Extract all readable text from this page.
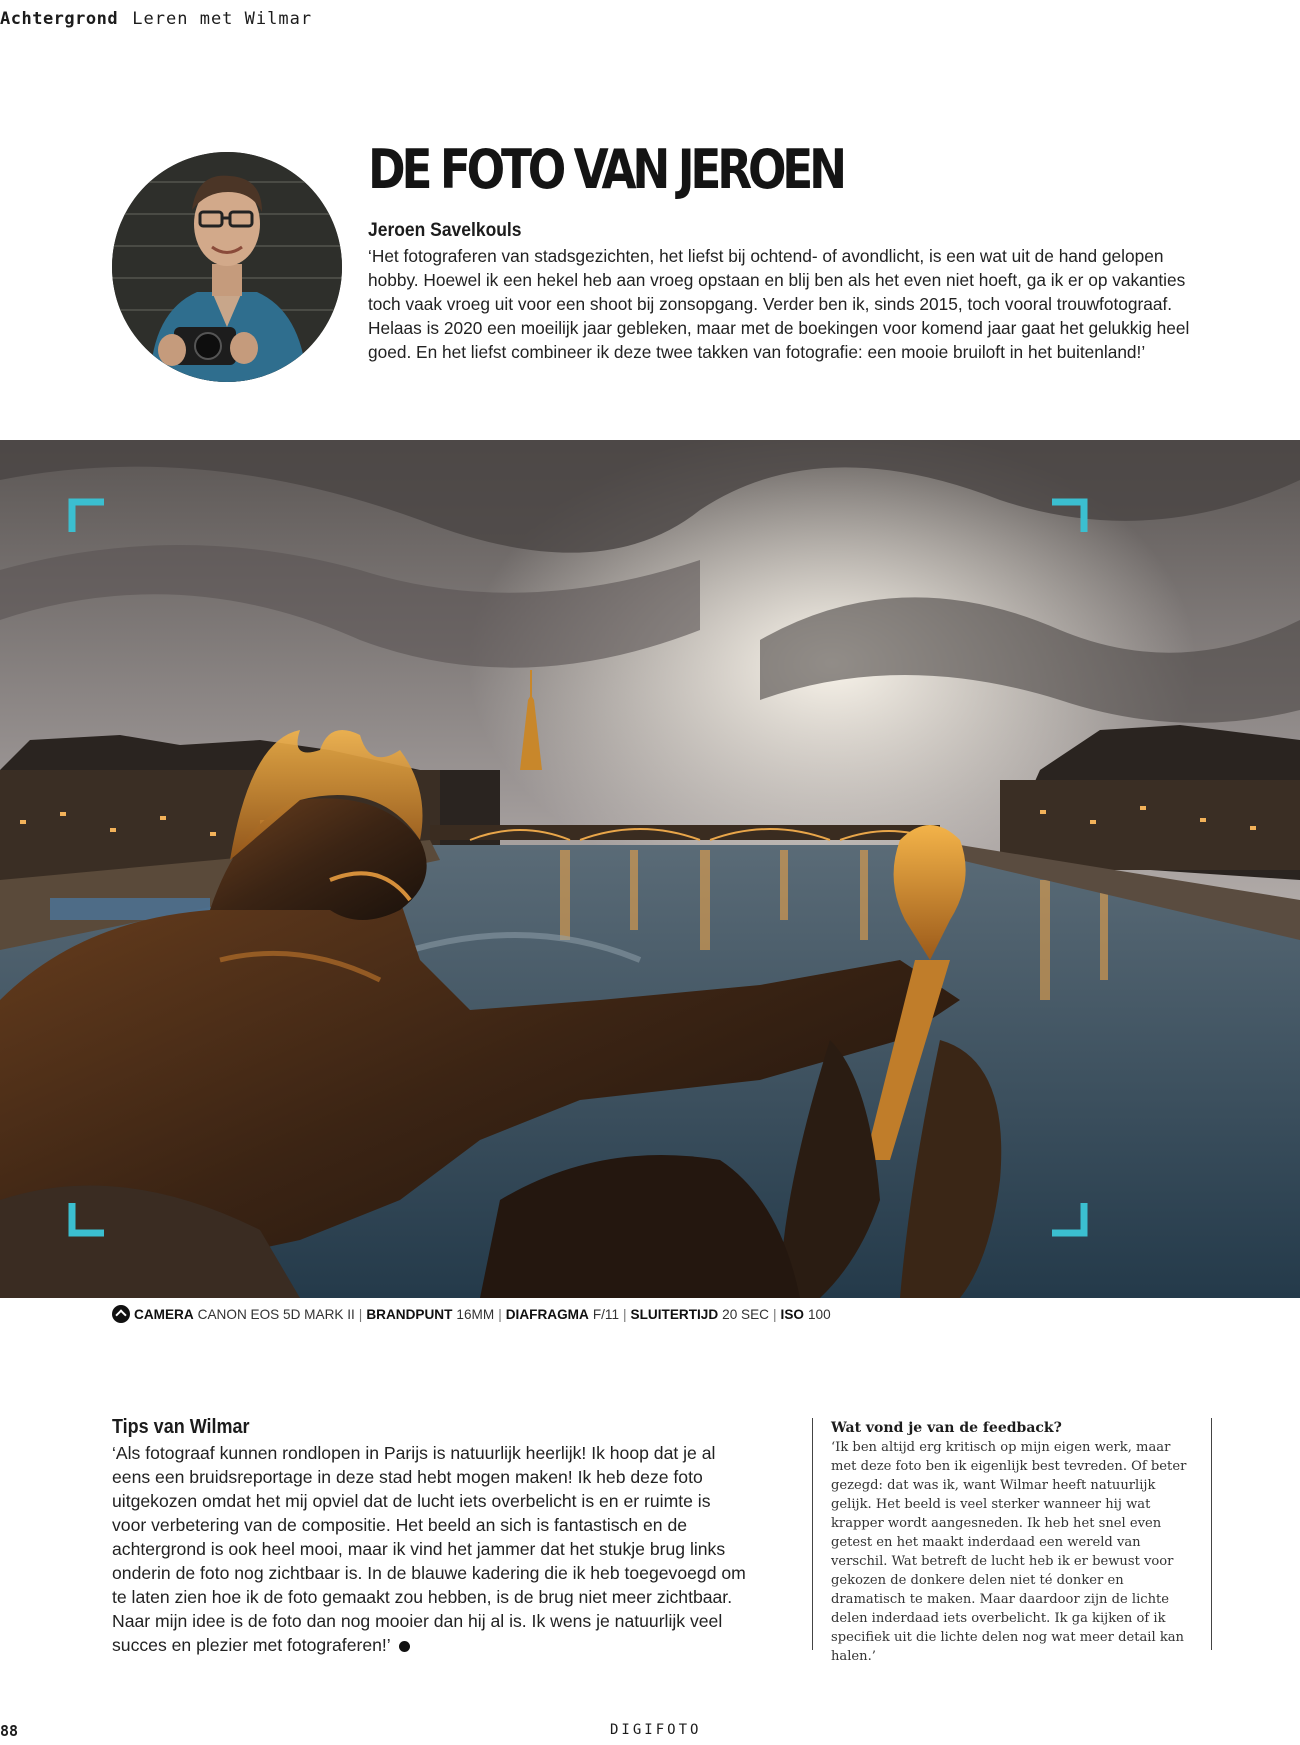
Achtergrond Leren met Wilmar
DE FOTO VAN JEROEN
Jeroen Savelkouls

‘Het fotograferen van stadsgezichten, het liefst bij ochtend- of avondlicht, is een wat uit de hand gelopen hobby. Hoewel ik een hekel heb aan vroeg opstaan en blij ben als het even niet hoeft, ga ik er op vakanties toch vaak vroeg uit voor een shoot bij zonsopgang. Verder ben ik, sinds 2015, toch vooral trouwfotograaf. Helaas is 2020 een moeilijk jaar gebleken, maar met de boekingen voor komend jaar gaat het gelukkig heel goed. En het liefst combineer ik deze twee takken van fotografie: een mooie bruiloft in het buitenland!’

CAMERA CANON EOS 5D MARK II | BRANDPUNT 16MM | DIAFRAGMA F/11 | SLUITERTIJD 20 SEC | ISO 100
Tips van Wilmar

‘Als fotograaf kunnen rondlopen in Parijs is natuurlijk heerlijk! Ik hoop dat je al eens een bruidsreportage in deze stad hebt mogen maken! Ik heb deze foto uitgekozen omdat het mij opviel dat de lucht iets overbelicht is en er ruimte is voor verbetering van de compositie. Het beeld an sich is fantastisch en de achtergrond is ook heel mooi, maar ik vind het jammer dat het stukje brug links onderin de foto nog zichtbaar is. In de blauwe kadering die ik heb toegevoegd om te laten zien hoe ik de foto gemaakt zou hebben, is de brug niet meer zichtbaar. Naar mijn idee is de foto dan nog mooier dan hij al is. Ik wens je natuurlijk veel succes en plezier met fotograferen!’

Wat vond je van de feedback?

‘Ik ben altijd erg kritisch op mijn eigen werk, maar met deze foto ben ik eigenlijk best tevreden. Of beter gezegd: dat was ik, want Wilmar heeft natuurlijk gelijk. Het beeld is veel sterker wanneer hij wat krapper wordt aangesneden. Ik heb het snel even getest en het maakt inderdaad een wereld van verschil. Wat betreft de lucht heb ik er bewust voor gekozen de donkere delen niet té donker en dramatisch te maken. Maar daardoor zijn de lichte delen inderdaad iets overbelicht. Ik ga kijken of ik specifiek uit die lichte delen nog wat meer detail kan halen.’

88	DIGIFOTO
